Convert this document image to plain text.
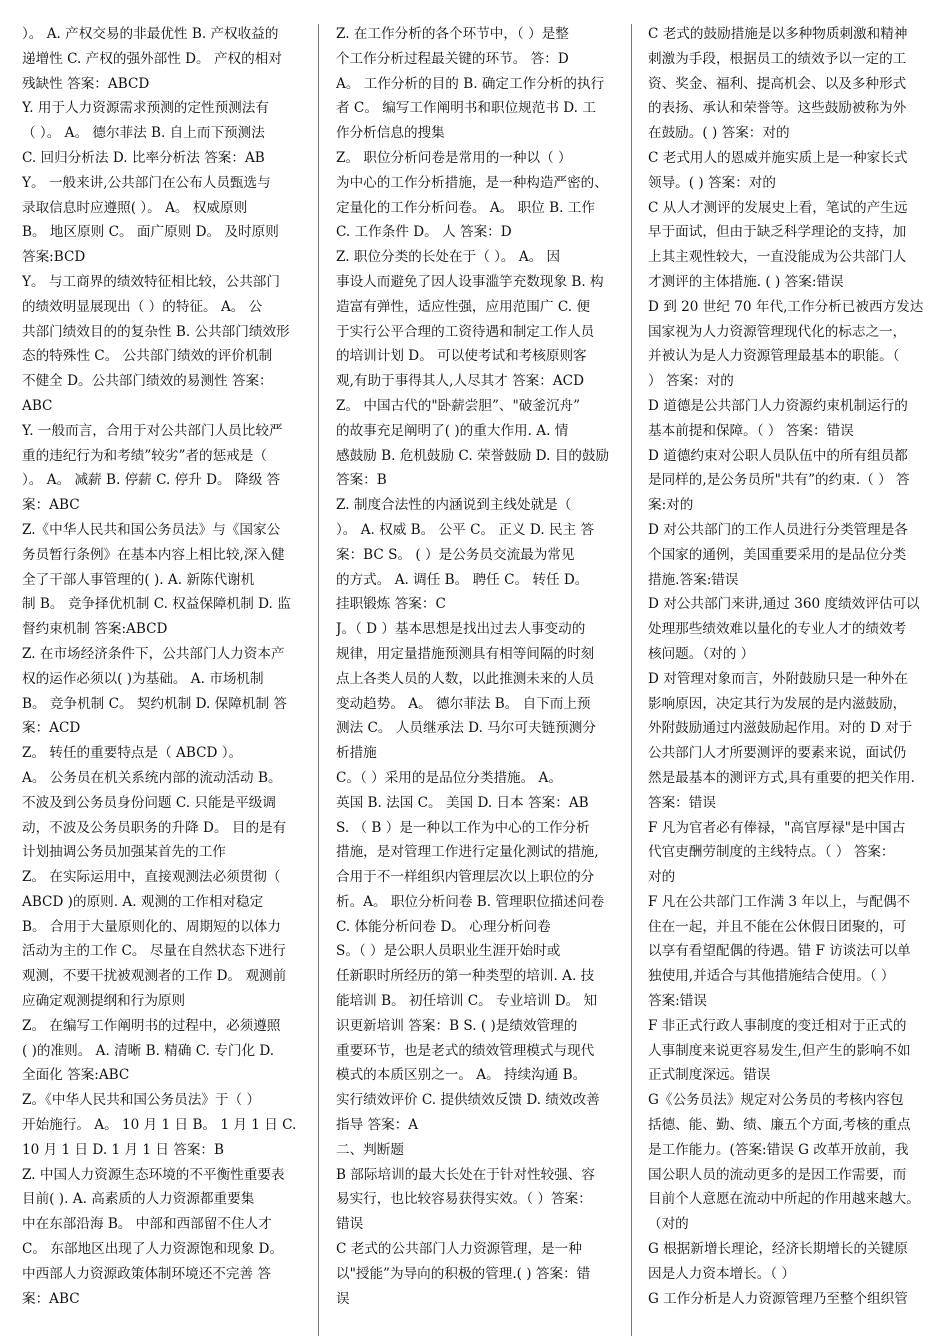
）。 A. 产权交易的非最优性 B. 产权收益的
递增性 C. 产权的强外部性 D。 产权的相对
残缺性 答案：ABCD
Y. 用于人力资源需求预测的定性预测法有
（ ）。 A。 德尔菲法 B. 自上而下预测法
C. 回归分析法 D. 比率分析法 答案：AB
Y。 一般来讲,公共部门在公布人员甄选与
录取信息时应遵照( ）。 A。 权威原则
B。 地区原则 C。 面广原则 D。 及时原则
答案:BCD
Y。 与工商界的绩效特征相比较，公共部门
的绩效明显展现出（ ）的特征。 A。 公
共部门绩效目的的复杂性 B. 公共部门绩效形
态的特殊性 C。 公共部门绩效的评价机制
不健全 D。公共部门绩效的易测性 答案：
ABC
Y. 一般而言，合用于对公共部门人员比较严
重的违纪行为和考绩”较劣”者的惩戒是（
）。 A。 减薪 B. 停薪 C. 停升 D。 降级 答
案：ABC
Z.《中华人民共和国公务员法》与《国家公
务员暂行条例》在基本内容上相比较,深入健
全了干部人事管理的( ). A. 新陈代谢机
制 B。 竞争择优机制 C. 权益保障机制 D. 监
督约束机制 答案:ABCD
Z. 在市场经济条件下，公共部门人力资本产
权的运作必须以( )为基础。 A. 市场机制
B。 竞争机制 C。 契约机制 D. 保障机制 答
案：ACD
Z。 转任的重要特点是（ ABCD ）。
A。 公务员在机关系统内部的流动活动 B。
不波及到公务员身份问题 C. 只能是平级调
动，不波及公务员职务的升降 D。 目的是有
计划抽调公务员加强某首先的工作
Z。 在实际运用中，直接观测法必须贯彻（
ABCD )的原则. A. 观测的工作相对稳定
B。 合用于大量原则化的、周期短的以体力
活动为主的工作 C。 尽量在自然状态下进行
观测，不要干扰被观测者的工作 D。 观测前
应确定观测提纲和行为原则
Z。 在编写工作阐明书的过程中，必须遵照
( )的准则。 A. 清晰 B. 精确 C. 专门化 D.
全面化 答案:ABC
Z。《中华人民共和国公务员法》于（ ）
开始施行。 A。 10 月 1 日 B。 1 月 1 日 C.
10 月 1 日 D. 1 月 1 日 答案：B
Z. 中国人力资源生态环境的不平衡性重要表
目前( ). A. 高素质的人力资源都重要集
中在东部沿海 B。 中部和西部留不住人才
C。 东部地区出现了人力资源饱和现象 D。
中西部人力资源政策体制环境还不完善 答
案：ABC
Z. 在工作分析的各个环节中，（ ）是整
个工作分析过程最关键的环节。 答：D
A。 工作分析的目的 B. 确定工作分析的执行
者 C。 编写工作阐明书和职位规范书 D. 工
作分析信息的搜集
Z。 职位分析问卷是常用的一种以（ ）
为中心的工作分析措施，是一种构造严密的、
定量化的工作分析问卷。 A。 职位 B. 工作
C. 工作条件 D。 人 答案：D
Z. 职位分类的长处在于（ ）。 A。 因
事设人而避免了因人设事滥竽充数现象 B. 构
造富有弹性，适应性强，应用范围广 C. 便
于实行公平合理的工资待遇和制定工作人员
的培训计划 D。 可以使考试和考核原则客
观,有助于事得其人,人尽其才 答案：ACD
Z。 中国古代的"卧薪尝胆”、"破釜沉舟”
的故事充足阐明了( )的重大作用. A. 情
感鼓励 B. 危机鼓励 C. 荣誉鼓励 D. 目的鼓励
答案：B
Z. 制度合法性的内涵说到主线处就是（
）。 A. 权威 B。 公平 C。 正义 D. 民主 答
案：BC S。 ( ）是公务员交流最为常见
的方式。 A. 调任 B。 聘任 C。 转任 D。
挂职锻炼 答案：C
J。（ D ）基本思想是找出过去人事变动的
规律，用定量措施预测具有相等间隔的时刻
点上各类人员的人数，以此推测未来的人员
变动趋势。 A。 德尔菲法 B。 自下而上预
测法 C。 人员继承法 D. 马尔可夫链预测分
析措施
C。（ ）采用的是品位分类措施。 A。
英国 B. 法国 C。 美国 D. 日本 答案：AB
S. （ B ）是一种以工作为中心的工作分析
措施，是对管理工作进行定量化测试的措施,
合用于不一样组织内管理层次以上职位的分
析。A。 职位分析问卷 B. 管理职位描述问卷
C. 体能分析问卷 D。 心理分析问卷
S。（ ）是公职人员职业生涯开始时或
任新职时所经历的第一种类型的培训. A. 技
能培训 B。 初任培训 C。 专业培训 D。 知
识更新培训 答案：B S. ( )是绩效管理的
重要环节，也是老式的绩效管理模式与现代
模式的本质区别之一。 A。 持续沟通 B。
实行绩效评价 C. 提供绩效反馈 D. 绩效改善
指导 答案：A
二、判断题
B 部际培训的最大长处在于针对性较强、容
易实行，也比较容易获得实效。（ ）答案：
错误
C 老式的公共部门人力资源管理，是一种
以"授能”为导向的积极的管理.( ) 答案：错
误
C 老式的鼓励措施是以多种物质刺激和精神
刺激为手段，根据员工的绩效予以一定的工
资、奖金、福利、提高机会、以及多种形式
的表扬、承认和荣誉等。这些鼓励被称为外
在鼓励。( ) 答案：对的
C 老式用人的恩威并施实质上是一种家长式
领导。( ) 答案：对的
C 从人才测评的发展史上看，笔试的产生远
早于面试，但由于缺乏科学理论的支持，加
上其主观性较大，一直没能成为公共部门人
才测评的主体措施. ( ) 答案:错误
D 到 20 世纪 70 年代,工作分析已被西方发达
国家视为人力资源管理现代化的标志之一，
并被认为是人力资源管理最基本的职能。（
） 答案：对的
D 道德是公共部门人力资源约束机制运行的
基本前提和保障。（ ） 答案：错误
D 道德约束对公职人员队伍中的所有组员都
是同样的,是公务员所"共有”的约束.（ ） 答
案:对的
D 对公共部门的工作人员进行分类管理是各
个国家的通例，美国重要采用的是品位分类
措施.答案:错误
D 对公共部门来讲,通过 360 度绩效评估可以
处理那些绩效难以量化的专业人才的绩效考
核问题。（对的 ）
D 对管理对象而言，外附鼓励只是一种外在
影响原因，决定其行为发展的是内滋鼓励，
外附鼓励通过内滋鼓励起作用。对的 D 对于
公共部门人才所要测评的要素来说，面试仍
然是最基本的测评方式,具有重要的把关作用.
答案：错误
F 凡为官者必有俸禄，"高官厚禄"是中国古
代官吏酬劳制度的主线特点。（ ） 答案：
对的
F 凡在公共部门工作满 3 年以上，与配偶不
住在一起，并且不能在公休假日团聚的，可
以享有看望配偶的待遇。错 F 访谈法可以单
独使用,并适合与其他措施结合使用。（ ）
答案:错误
F 非正式行政人事制度的变迁相对于正式的
人事制度来说更容易发生,但产生的影响不如
正式制度深远。错误
G《公务员法》规定对公务员的考核内容包
括德、能、勤、绩、廉五个方面,考核的重点
是工作能力。(答案:错误 G 改革开放前，我
国公职人员的流动更多的是因工作需要，而
目前个人意愿在流动中所起的作用越来越大。
（对的
G 根据新增长理论，经济长期增长的关键原
因是人力资本增长。（ ）
G 工作分析是人力资源管理乃至整个组织管
